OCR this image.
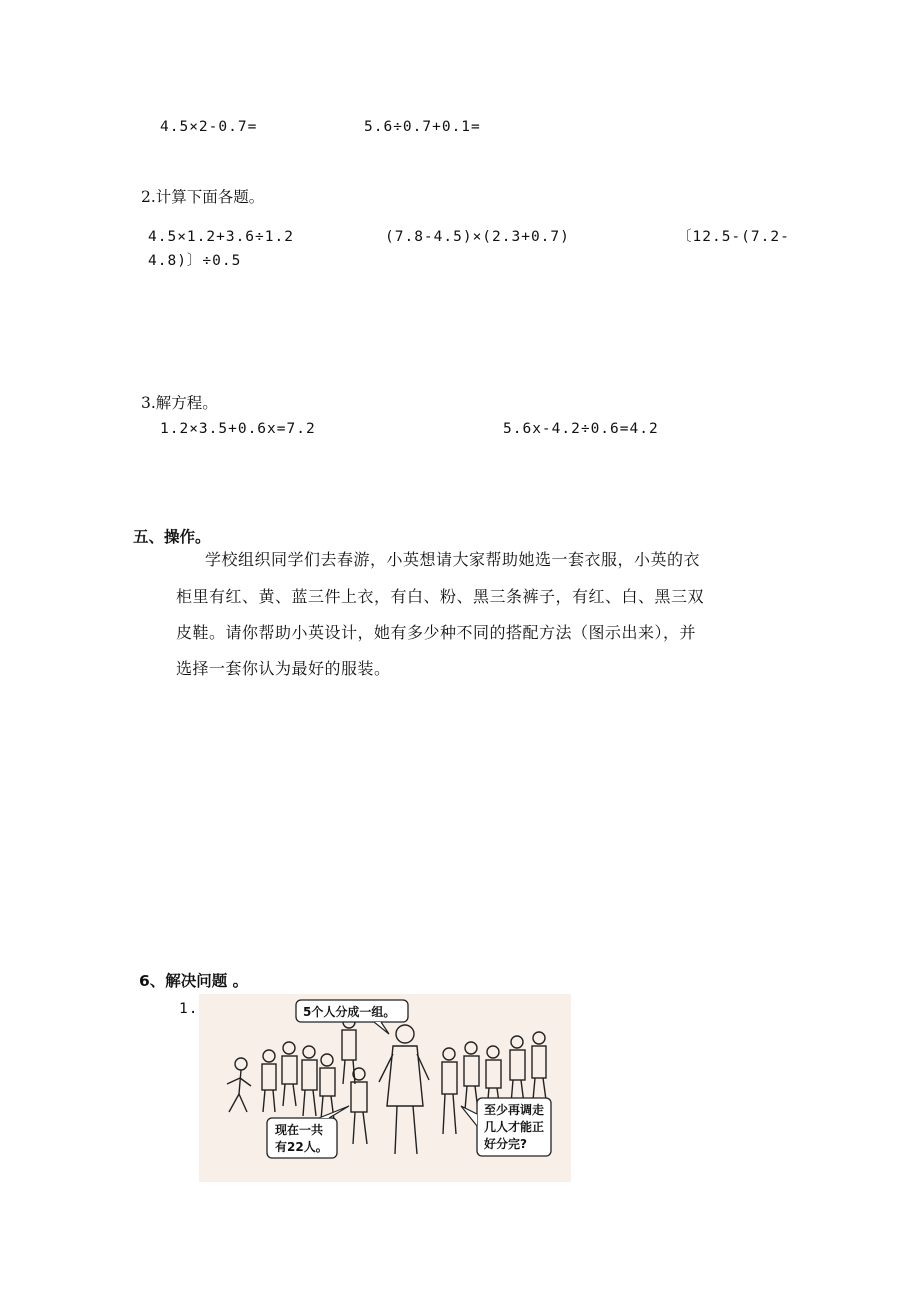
4.5×2-0.7=	5.6÷0.7+0.1=
2.计算下面各题。
4.5×1.2+3.6÷1.2	(7.8-4.5)×(2.3+0.7)	〔12.5-(7.2-
4.8)〕÷0.5
3.解方程。
1.2×3.5+0.6x=7.2	5.6x-4.2÷0.6=4.2
五、操作。
学校组织同学们去春游，小英想请大家帮助她选一套衣服，小英的衣
柜里有红、黄、蓝三件上衣，有白、粉、黑三条裤子，有红、白、黑三双
皮鞋。请你帮助小英设计，她有多少种不同的搭配方法（图示出来），并
选择一套你认为最好的服装。
6、解决问题 。
1.	5个人分成一组。
现在一共
有22人。
至少再调走
几人才能正
好分完?
